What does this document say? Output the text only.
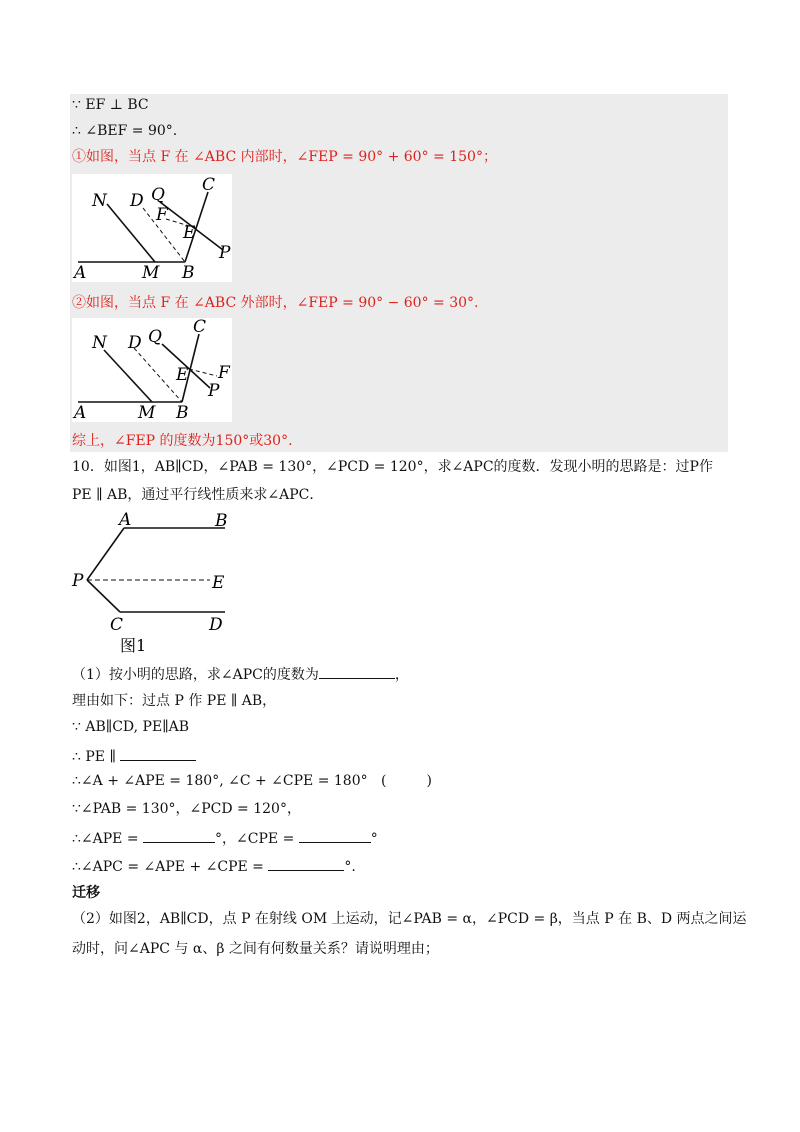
∵ EF ⊥ BC
∴ ∠BEF = 90°.
①如图，当点 F 在 ∠ABC 内部时，∠FEP = 90° + 60° = 150°；
N D Q C
F
E
P
A	M B
②如图，当点 F 在 ∠ABC 外部时，∠FEP = 90° − 60° = 30°.
N D Q C
E F
P
A	M B
综上，∠FEP 的度数为150°或30°.
10．如图1，AB∥CD，∠PAB = 130°，∠PCD = 120°，求∠APC的度数．发现小明的思路是：过P作
PE ∥ AB，通过平行线性质来求∠APC．
A	B
P	E
C	D
图1
（1）按小明的思路，求∠APC的度数为	，
理由如下：过点 P 作 PE ∥ AB，
∵ AB∥CD, PE∥AB
∴ PE ∥
∴∠A + ∠APE = 180°, ∠C + ∠CPE = 180° (	)
∵∠PAB = 130°，∠PCD = 120°，
∴∠APE =	°，∠CPE =	°
∴∠APC = ∠APE + ∠CPE =	°.
迁移
（2）如图2，AB∥CD，点 P 在射线 OM 上运动，记∠PAB = α，∠PCD = β，当点 P 在 B、D 两点之间运
动时，问∠APC 与 α、β 之间有何数量关系？请说明理由；
